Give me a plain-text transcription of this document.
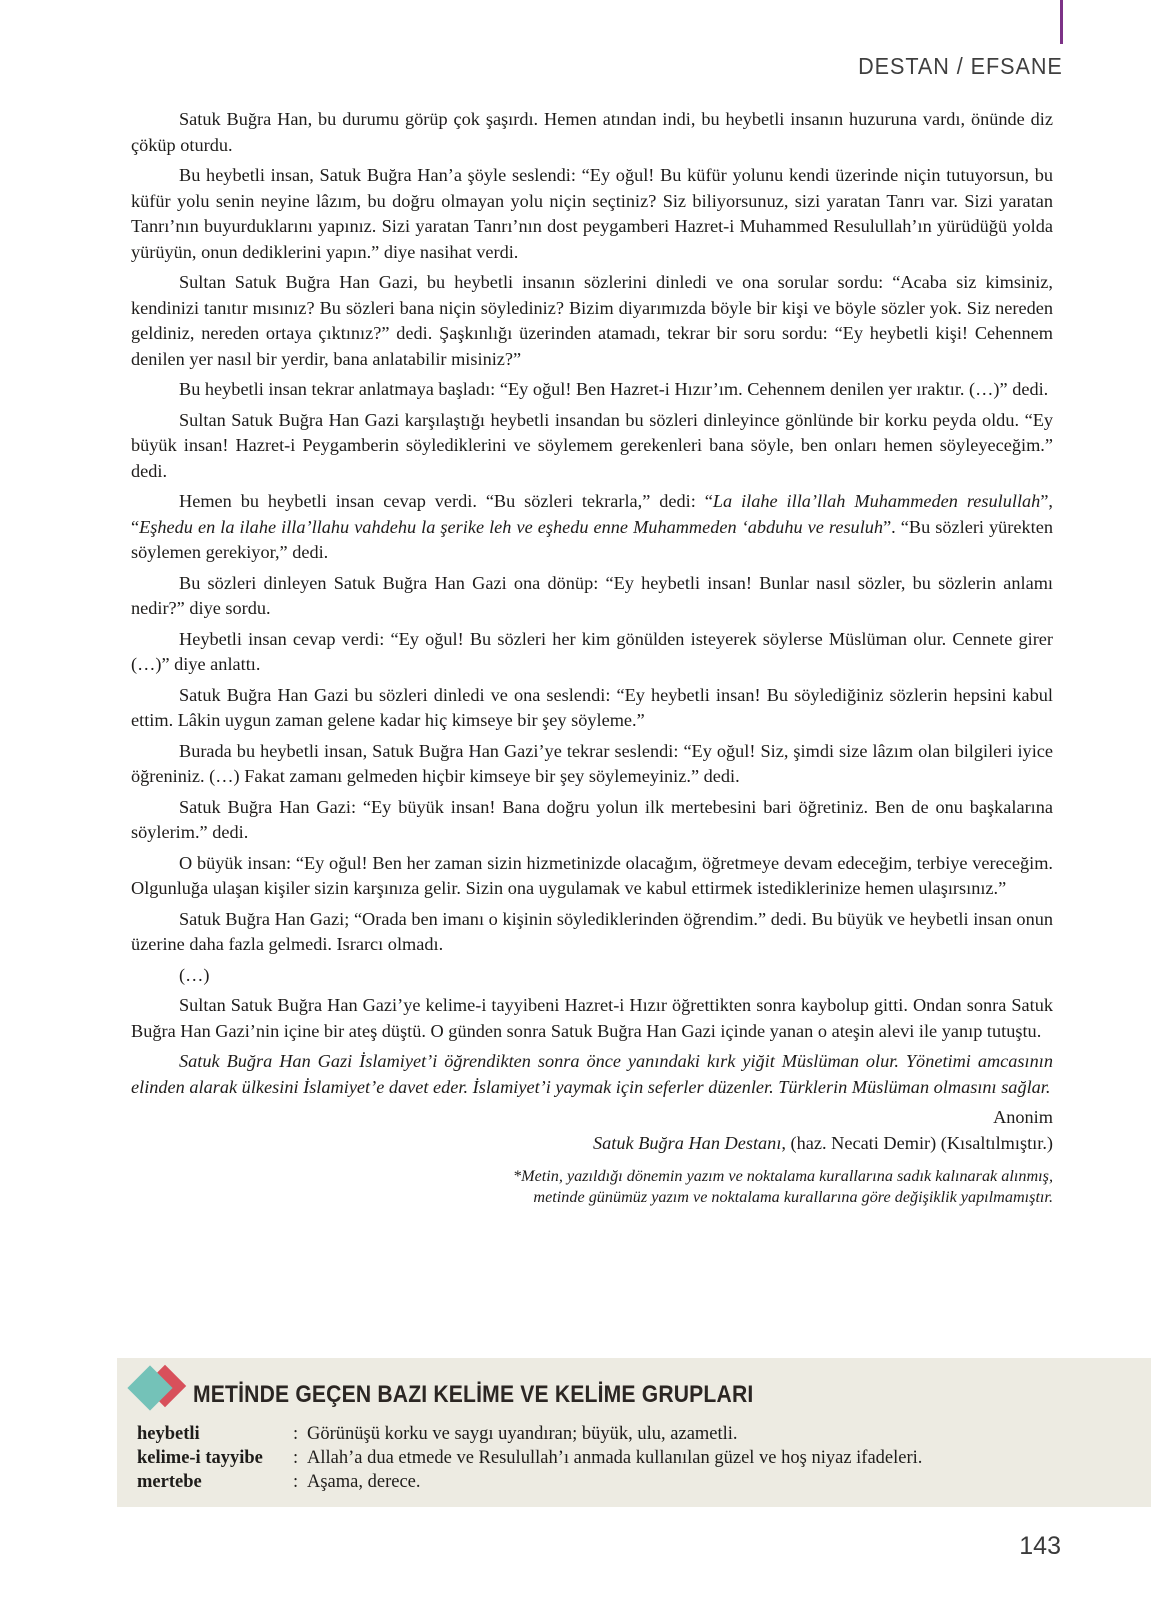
DESTAN / EFSANE

Satuk Buğra Han, bu durumu görüp çok şaşırdı. Hemen atından indi, bu heybetli insanın huzuruna vardı, önünde diz çöküp oturdu.

Bu heybetli insan, Satuk Buğra Han’a şöyle seslendi: “Ey oğul! Bu küfür yolunu kendi üzerinde niçin tutuyorsun, bu küfür yolu senin neyine lâzım, bu doğru olmayan yolu niçin seçtiniz? Siz biliyorsunuz, sizi yaratan Tanrı var. Sizi yaratan Tanrı’nın buyurduklarını yapınız. Sizi yaratan Tanrı’nın dost peygamberi Hazret-i Muhammed Resulullah’ın yürüdüğü yolda yürüyün, onun dediklerini yapın.” diye nasihat verdi.

Sultan Satuk Buğra Han Gazi, bu heybetli insanın sözlerini dinledi ve ona sorular sordu: “Acaba siz kimsiniz, kendinizi tanıtır mısınız? Bu sözleri bana niçin söylediniz? Bizim diyarımızda böyle bir kişi ve böyle sözler yok. Siz nereden geldiniz, nereden ortaya çıktınız?” dedi. Şaşkınlığı üzerinden atamadı, tekrar bir soru sordu: “Ey heybetli kişi! Cehennem denilen yer nasıl bir yerdir, bana anlatabilir misiniz?”

Bu heybetli insan tekrar anlatmaya başladı: “Ey oğul! Ben Hazret-i Hızır’ım. Cehennem denilen yer ıraktır. (…)” dedi.

Sultan Satuk Buğra Han Gazi karşılaştığı heybetli insandan bu sözleri dinleyince gönlünde bir korku peyda oldu. “Ey büyük insan! Hazret-i Peygamberin söylediklerini ve söylemem gerekenleri bana söyle, ben onları hemen söyleyeceğim.” dedi.

Hemen bu heybetli insan cevap verdi. “Bu sözleri tekrarla,” dedi: “La ilahe illa’llah Muhammeden resulullah”, “Eşhedu en la ilahe illa’llahu vahdehu la şerike leh ve eşhedu enne Muhammeden ‘abduhu ve resuluh”. “Bu sözleri yürekten söylemen gerekiyor,” dedi.

Bu sözleri dinleyen Satuk Buğra Han Gazi ona dönüp: “Ey heybetli insan! Bunlar nasıl sözler, bu sözlerin anlamı nedir?” diye sordu.

Heybetli insan cevap verdi: “Ey oğul! Bu sözleri her kim gönülden isteyerek söylerse Müslüman olur. Cennete girer (…)” diye anlattı.

Satuk Buğra Han Gazi bu sözleri dinledi ve ona seslendi: “Ey heybetli insan! Bu söylediğiniz sözlerin hepsini kabul ettim. Lâkin uygun zaman gelene kadar hiç kimseye bir şey söyleme.”

Burada bu heybetli insan, Satuk Buğra Han Gazi’ye tekrar seslendi: “Ey oğul! Siz, şimdi size lâzım olan bilgileri iyice öğreniniz. (…) Fakat zamanı gelmeden hiçbir kimseye bir şey söylemeyiniz.” dedi.

Satuk Buğra Han Gazi: “Ey büyük insan! Bana doğru yolun ilk mertebesini bari öğretiniz. Ben de onu başkalarına söylerim.” dedi.

O büyük insan: “Ey oğul! Ben her zaman sizin hizmetinizde olacağım, öğretmeye devam edeceğim, terbiye vereceğim. Olgunluğa ulaşan kişiler sizin karşınıza gelir. Sizin ona uygulamak ve kabul ettirmek istediklerinize hemen ulaşırsınız.”

Satuk Buğra Han Gazi; “Orada ben imanı o kişinin söylediklerinden öğrendim.” dedi. Bu büyük ve heybetli insan onun üzerine daha fazla gelmedi. Israrcı olmadı.

(…)

Sultan Satuk Buğra Han Gazi’ye kelime-i tayyibeni Hazret-i Hızır öğrettikten sonra kaybolup gitti. Ondan sonra Satuk Buğra Han Gazi’nin içine bir ateş düştü. O günden sonra Satuk Buğra Han Gazi içinde yanan o ateşin alevi ile yanıp tutuştu.

Satuk Buğra Han Gazi İslamiyet’i öğrendikten sonra önce yanındaki kırk yiğit Müslüman olur. Yönetimi amcasının elinden alarak ülkesini İslamiyet’e davet eder. İslamiyet’i yaymak için seferler düzenler. Türklerin Müslüman olmasını sağlar.

Anonim
Satuk Buğra Han Destanı, (haz. Necati Demir) (Kısaltılmıştır.)
*Metin, yazıldığı dönemin yazım ve noktalama kurallarına sadık kalınarak alınmış,
metinde günümüz yazım ve noktalama kurallarına göre değişiklik yapılmamıştır.
METİNDE GEÇEN BAZI KELİME VE KELİME GRUPLARI
heybetli	: Görünüşü korku ve saygı uyandıran; büyük, ulu, azametli.
kelime-i tayyibe	: Allah’a dua etmede ve Resulullah’ı anmada kullanılan güzel ve hoş niyaz ifadeleri.
mertebe	: Aşama, derece.
143
